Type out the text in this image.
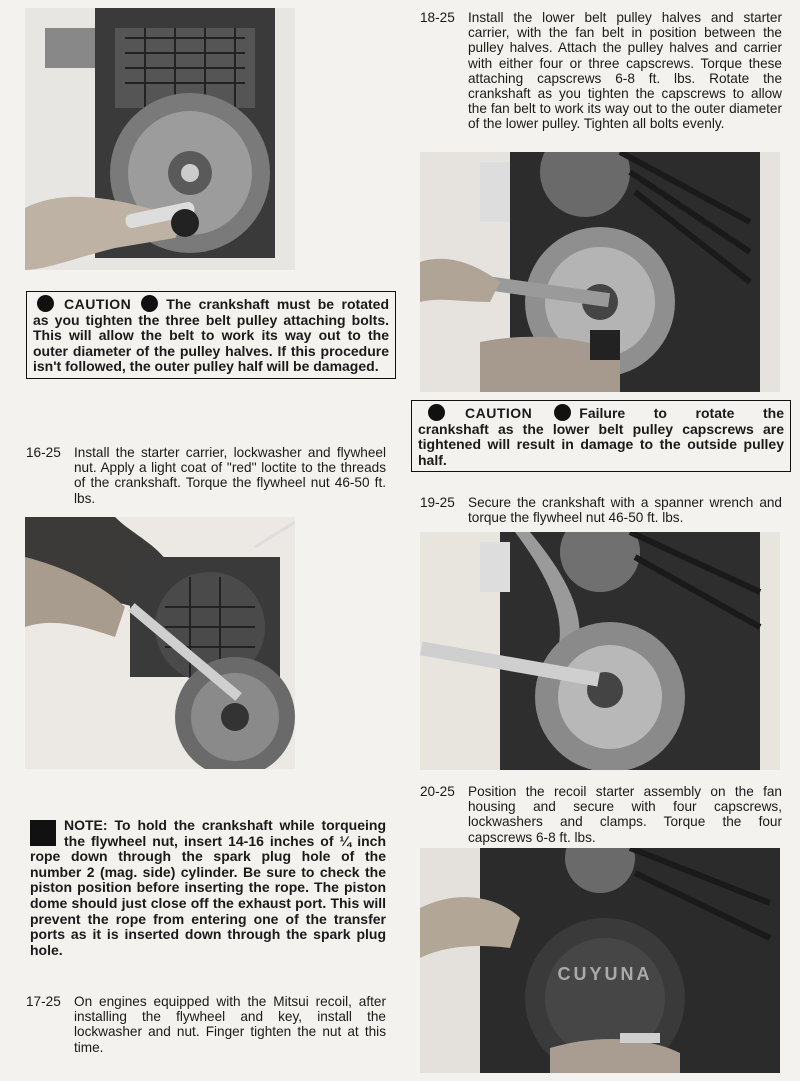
CAUTION	The crankshaft must be rotated as you tighten the three belt pulley attaching bolts. This will allow the belt to work its way out to the outer diameter of the pulley halves. If this procedure isn't followed, the outer pulley half will be damaged.
16-25 Install the starter carrier, lockwasher and flywheel nut. Apply a light coat of ''red'' loctite to the threads of the crankshaft. Torque the flywheel nut 46-50 ft. lbs.
NOTE: To hold the crankshaft while torqueing the flywheel nut, insert 14-16 inches of ¼ inch rope down through the spark plug hole of the number 2 (mag. side) cylinder. Be sure to check the piston position before inserting the rope. The piston dome should just close off the exhaust port. This will prevent the rope from entering one of the transfer ports as it is inserted down through the spark plug hole.
17-25 On engines equipped with the Mitsui recoil, after installing the flywheel and key, install the lockwasher and nut. Finger tighten the nut at this time.
18-25 Install the lower belt pulley halves and starter carrier, with the fan belt in position between the pulley halves. Attach the pulley halves and carrier with either four or three capscrews. Torque these attaching capscrews 6-8 ft. lbs. Rotate the crankshaft as you tighten the capscrews to allow the fan belt to work its way out to the outer diameter of the lower pulley. Tighten all bolts evenly.
CAUTION	Failure to rotate the crankshaft as the lower belt pulley capscrews are tightened will result in damage to the outside pulley half.
19-25 Secure the crankshaft with a spanner wrench and torque the flywheel nut 46-50 ft. lbs.
20-25 Position the recoil starter assembly on the fan housing and secure with four capscrews, lockwashers and clamps. Torque the four capscrews 6-8 ft. lbs.
CUYUNA
